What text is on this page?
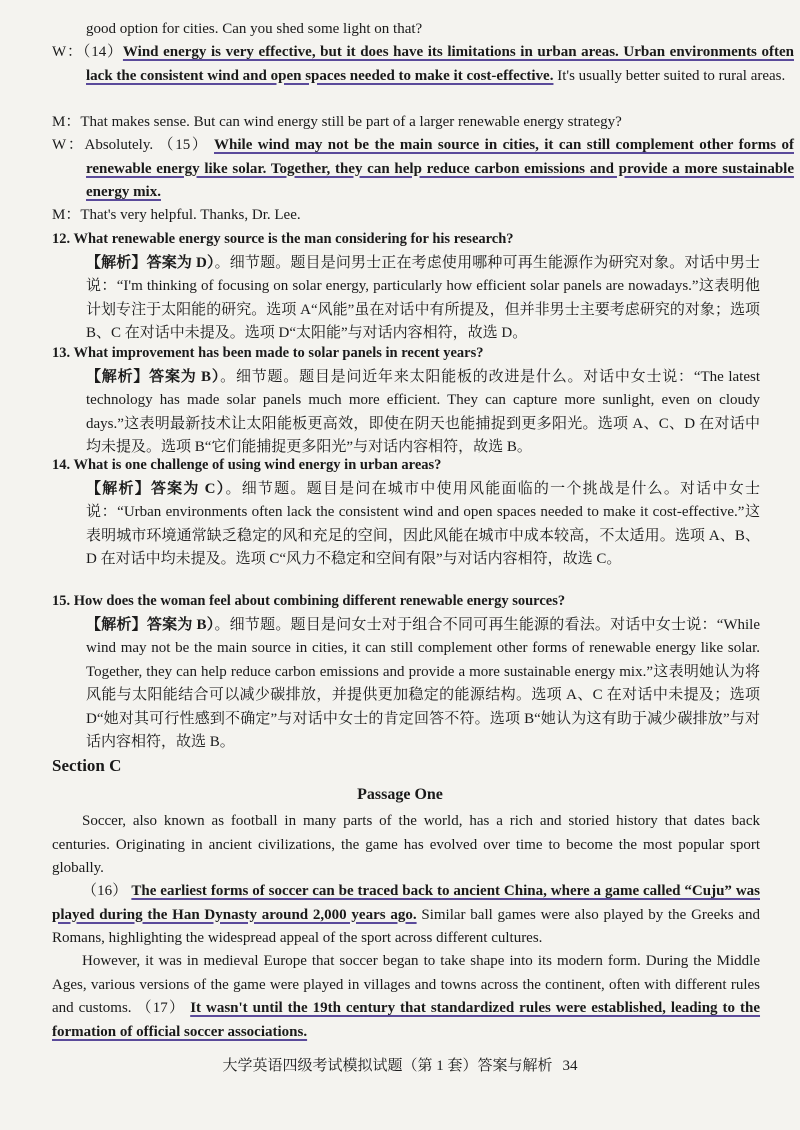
good option for cities. Can you shed some light on that?
W：（14）Wind energy is very effective, but it does have its limitations in urban areas. Urban environments often lack the consistent wind and open spaces needed to make it cost-effective. It's usually better suited to rural areas.
M：That makes sense. But can wind energy still be part of a larger renewable energy strategy?
W：Absolutely. （15） While wind may not be the main source in cities, it can still complement other forms of renewable energy like solar. Together, they can help reduce carbon emissions and provide a more sustainable energy mix.
M：That's very helpful. Thanks, Dr. Lee.
12. What renewable energy source is the man considering for his research?
【解析】答案为 D）。细节题。题目是问男士正在考虑使用哪种可再生能源作为研究对象。对话中男士说：“I'm thinking of focusing on solar energy, particularly how efficient solar panels are nowadays.”这表明他计划专注于太阳能的研究。选项 A“风能”虽在对话中有所提及，但并非男士主要考虑研究的对象；选项 B、C 在对话中未提及。选项 D“太阳能”与对话内容相符，故选 D。
13. What improvement has been made to solar panels in recent years?
【解析】答案为 B）。细节题。题目是问近年来太阳能板的改进是什么。对话中女士说：“The latest technology has made solar panels much more efficient. They can capture more sunlight, even on cloudy days.”这表明最新技术让太阳能板更高效，即使在阴天也能捕捉到更多阳光。选项 A、C、D 在对话中均未提及。选项 B“它们能捕捉更多阳光”与对话内容相符，故选 B。
14. What is one challenge of using wind energy in urban areas?
【解析】答案为 C）。细节题。题目是问在城市中使用风能面临的一个挑战是什么。对话中女士说：“Urban environments often lack the consistent wind and open spaces needed to make it cost-effective.”这表明城市环境通常缺乏稳定的风和充足的空间，因此风能在城市中成本较高，不太适用。选项 A、B、D 在对话中均未提及。选项 C“风力不稳定和空间有限”与对话内容相符，故选 C。
15. How does the woman feel about combining different renewable energy sources?
【解析】答案为 B）。细节题。题目是问女士对于组合不同可再生能源的看法。对话中女士说：“While wind may not be the main source in cities, it can still complement other forms of renewable energy like solar. Together, they can help reduce carbon emissions and provide a more sustainable energy mix.”这表明她认为将风能与太阳能结合可以减少碳排放，并提供更加稳定的能源结构。选项 A、C 在对话中未提及；选项 D“她对其可行性感到不确定”与对话中女士的肯定回答不符。选项 B“她认为这有助于减少碳排放”与对话内容相符，故选 B。
Section C
Passage One
Soccer, also known as football in many parts of the world, has a rich and storied history that dates back centuries. Originating in ancient civilizations, the game has evolved over time to become the most popular sport globally.
（16） The earliest forms of soccer can be traced back to ancient China, where a game called “Cuju” was played during the Han Dynasty around 2,000 years ago. Similar ball games were also played by the Greeks and Romans, highlighting the widespread appeal of the sport across different cultures.
However, it was in medieval Europe that soccer began to take shape into its modern form. During the Middle Ages, various versions of the game were played in villages and towns across the continent, often with different rules and customs. （17） It wasn't until the 19th century that standardized rules were established, leading to the formation of official soccer associations.
大学英语四级考试模拟试题（第 1 套）答案与解析 34
